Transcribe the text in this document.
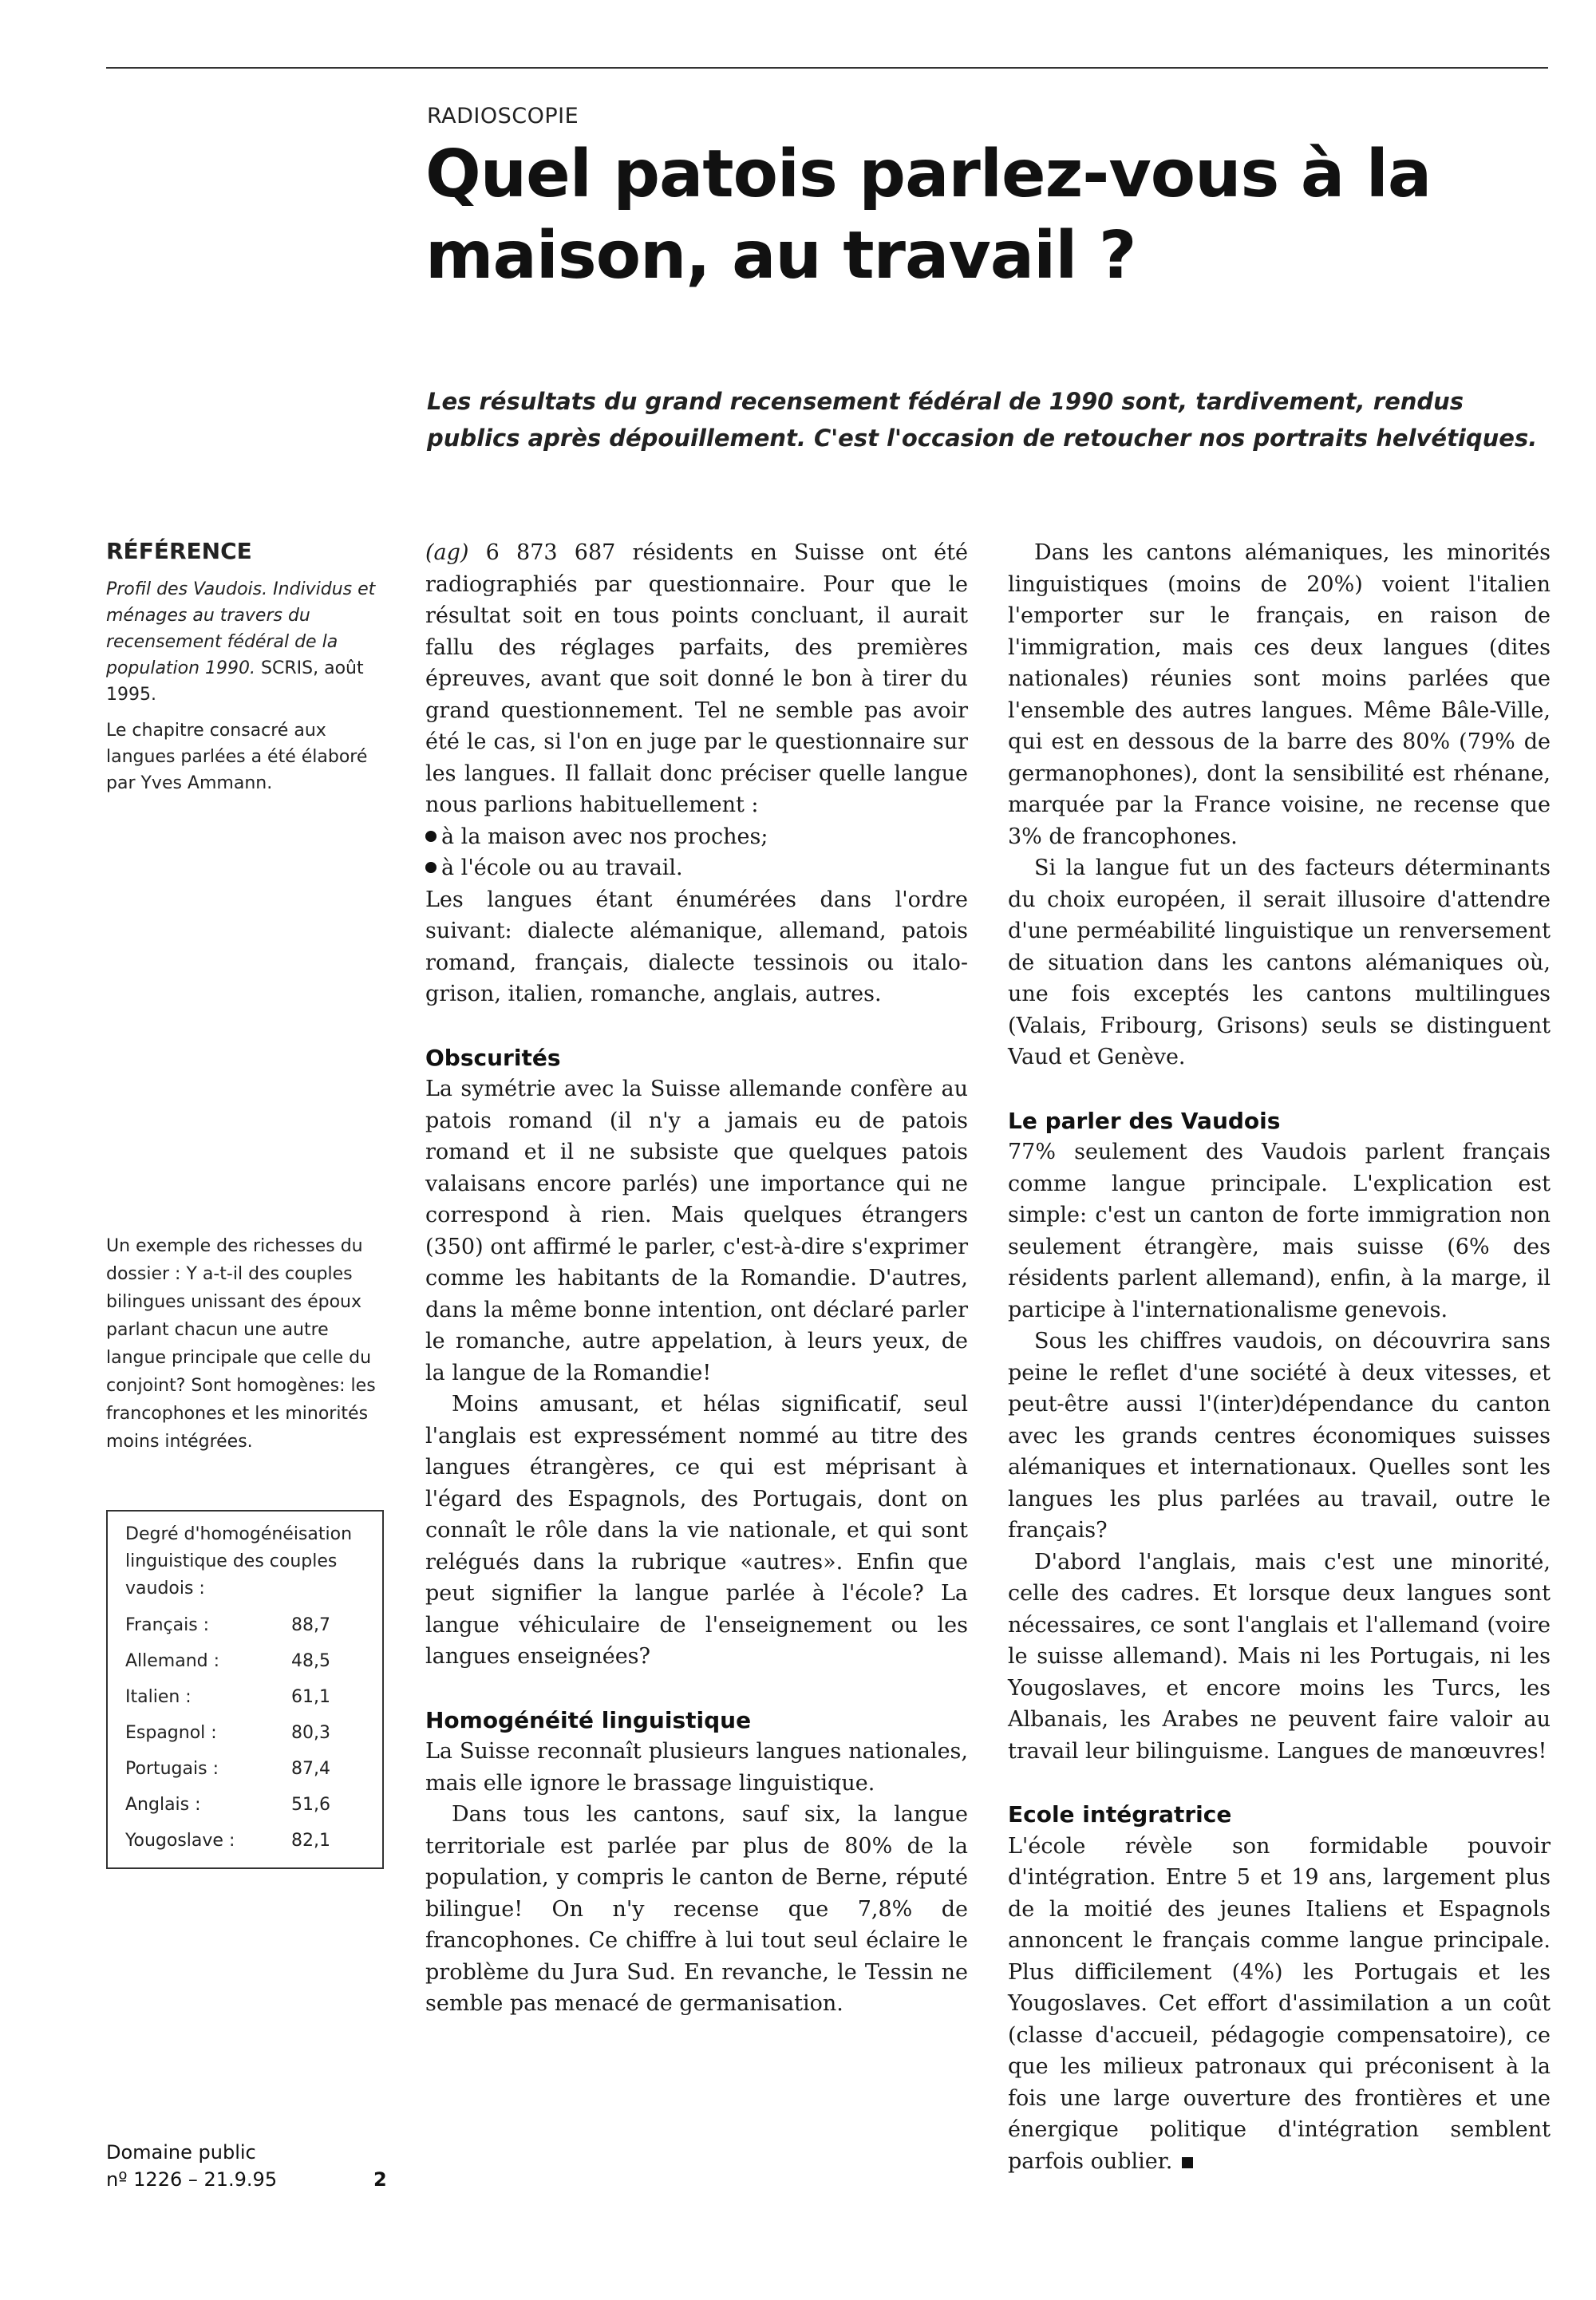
RADIOSCOPIE
Quel patois parlez-vous à la maison, au travail ?

Les résultats du grand recensement fédéral de 1990 sont, tardivement, rendus publics après dépouillement. C'est l'occasion de retoucher nos portraits helvétiques.

RÉFÉRENCE

Profil des Vaudois. Individus et ménages au travers du recensement fédéral de la population 1990. SCRIS, août 1995.

Le chapitre consacré aux langues parlées a été élaboré par Yves Ammann.

Un exemple des richesses du dossier : Y a-t-il des couples bilingues unissant des époux parlant chacun une autre langue principale que celle du conjoint? Sont homogènes: les francophones et les minorités moins intégrées.

Degré d'homogénéisation linguistique des couples vaudois :
Français :	88,7
Allemand :	48,5
Italien :	61,1
Espagnol :	80,3
Portugais :	87,4
Anglais :	51,6
Yougoslave :	82,1
Domaine public
nº 1226 – 21.9.95	2

(ag) 6 873 687 résidents en Suisse ont été radiographiés par questionnaire. Pour que le résultat soit en tous points concluant, il aurait fallu des réglages parfaits, des premières épreuves, avant que soit donné le bon à tirer du grand questionnement. Tel ne semble pas avoir été le cas, si l'on en juge par le questionnaire sur les langues. Il fallait donc préciser quelle langue nous parlions habituellement :

à la maison avec nos proches;
à l'école ou au travail.

Les langues étant énumérées dans l'ordre suivant: dialecte alémanique, allemand, patois romand, français, dialecte tessinois ou italo-grison, italien, romanche, anglais, autres.

Obscurités

La symétrie avec la Suisse allemande confère au patois romand (il n'y a jamais eu de patois romand et il ne subsiste que quelques patois valaisans encore parlés) une importance qui ne correspond à rien. Mais quelques étrangers (350) ont affirmé le parler, c'est-à-dire s'exprimer comme les habitants de la Romandie. D'autres, dans la même bonne intention, ont déclaré parler le romanche, autre appelation, à leurs yeux, de la langue de la Romandie!

Moins amusant, et hélas significatif, seul l'anglais est expressément nommé au titre des langues étrangères, ce qui est méprisant à l'égard des Espagnols, des Portugais, dont on connaît le rôle dans la vie nationale, et qui sont relégués dans la rubrique «autres». Enfin que peut signifier la langue parlée à l'école? La langue véhiculaire de l'enseignement ou les langues enseignées?

Homogénéité linguistique

La Suisse reconnaît plusieurs langues nationales, mais elle ignore le brassage linguistique.

Dans tous les cantons, sauf six, la langue territoriale est parlée par plus de 80% de la population, y compris le canton de Berne, réputé bilingue! On n'y recense que 7,8% de francophones. Ce chiffre à lui tout seul éclaire le problème du Jura Sud. En revanche, le Tessin ne semble pas menacé de germanisation.

Dans les cantons alémaniques, les minorités linguistiques (moins de 20%) voient l'italien l'emporter sur le français, en raison de l'immigration, mais ces deux langues (dites nationales) réunies sont moins parlées que l'ensemble des autres langues. Même Bâle-Ville, qui est en dessous de la barre des 80% (79% de germanophones), dont la sensibilité est rhénane, marquée par la France voisine, ne recense que 3% de francophones.

Si la langue fut un des facteurs déterminants du choix européen, il serait illusoire d'attendre d'une perméabilité linguistique un renversement de situation dans les cantons alémaniques où, une fois exceptés les cantons multilingues (Valais, Fribourg, Grisons) seuls se distinguent Vaud et Genève.

Le parler des Vaudois

77% seulement des Vaudois parlent français comme langue principale. L'explication est simple: c'est un canton de forte immigration non seulement étrangère, mais suisse (6% des résidents parlent allemand), enfin, à la marge, il participe à l'internationalisme genevois.

Sous les chiffres vaudois, on découvrira sans peine le reflet d'une société à deux vitesses, et peut-être aussi l'(inter)dépendance du canton avec les grands centres économiques suisses alémaniques et internationaux. Quelles sont les langues les plus parlées au travail, outre le français?

D'abord l'anglais, mais c'est une minorité, celle des cadres. Et lorsque deux langues sont nécessaires, ce sont l'anglais et l'allemand (voire le suisse allemand). Mais ni les Portugais, ni les Yougoslaves, et encore moins les Turcs, les Albanais, les Arabes ne peuvent faire valoir au travail leur bilinguisme. Langues de manœuvres!

Ecole intégratrice

L'école révèle son formidable pouvoir d'intégration. Entre 5 et 19 ans, largement plus de la moitié des jeunes Italiens et Espagnols annoncent le français comme langue principale. Plus difficilement (4%) les Portugais et les Yougoslaves. Cet effort d'assimilation a un coût (classe d'accueil, pédagogie compensatoire), ce que les milieux patronaux qui préconisent à la fois une large ouverture des frontières et une énergique politique d'intégration semblent parfois oublier.
